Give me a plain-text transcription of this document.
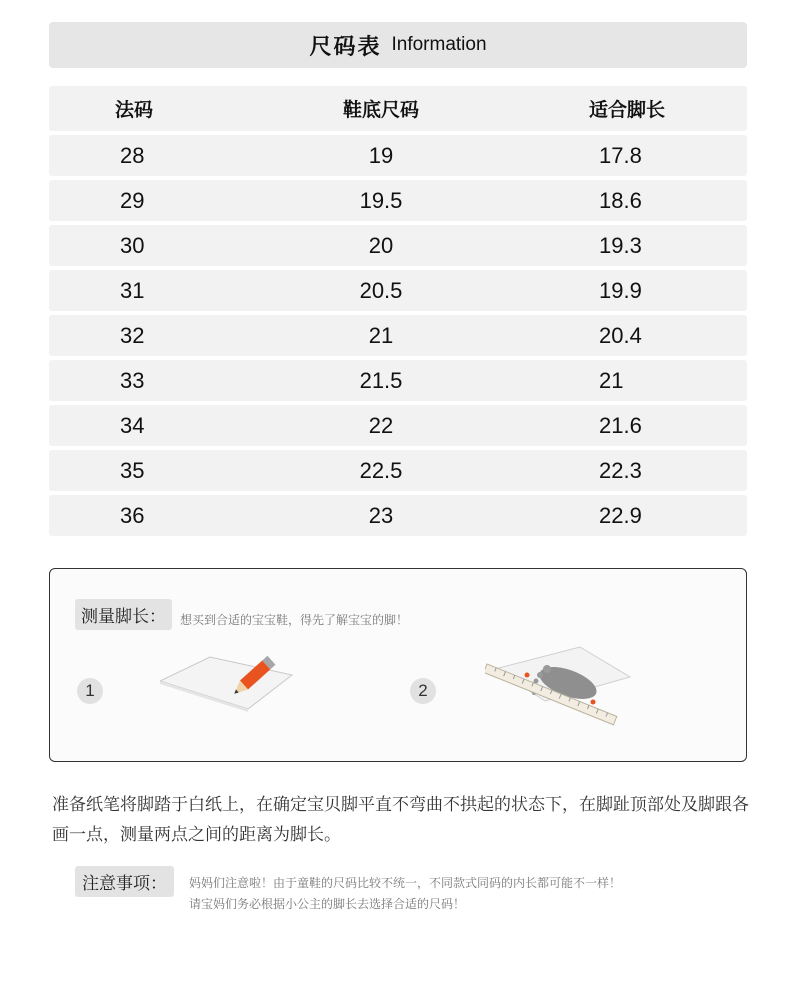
尺码表 Information
法码	鞋底尺码	适合脚长
28	19	17.8
29	19.5	18.6
30	20	19.3
31	20.5	19.9
32	21	20.4
33	21.5	21
34	22	21.6
35	22.5	22.3
36	23	22.9
测量脚长：	想买到合适的宝宝鞋，得先了解宝宝的脚！
1	2
准备纸笔将脚踏于白纸上，在确定宝贝脚平直不弯曲不拱起的状态下，在脚趾顶部处及脚跟各画一点，测量两点之间的距离为脚长。
注意事项：	妈妈们注意啦！由于童鞋的尺码比较不统一，不同款式同码的内长都可能不一样！
请宝妈们务必根据小公主的脚长去选择合适的尺码！
